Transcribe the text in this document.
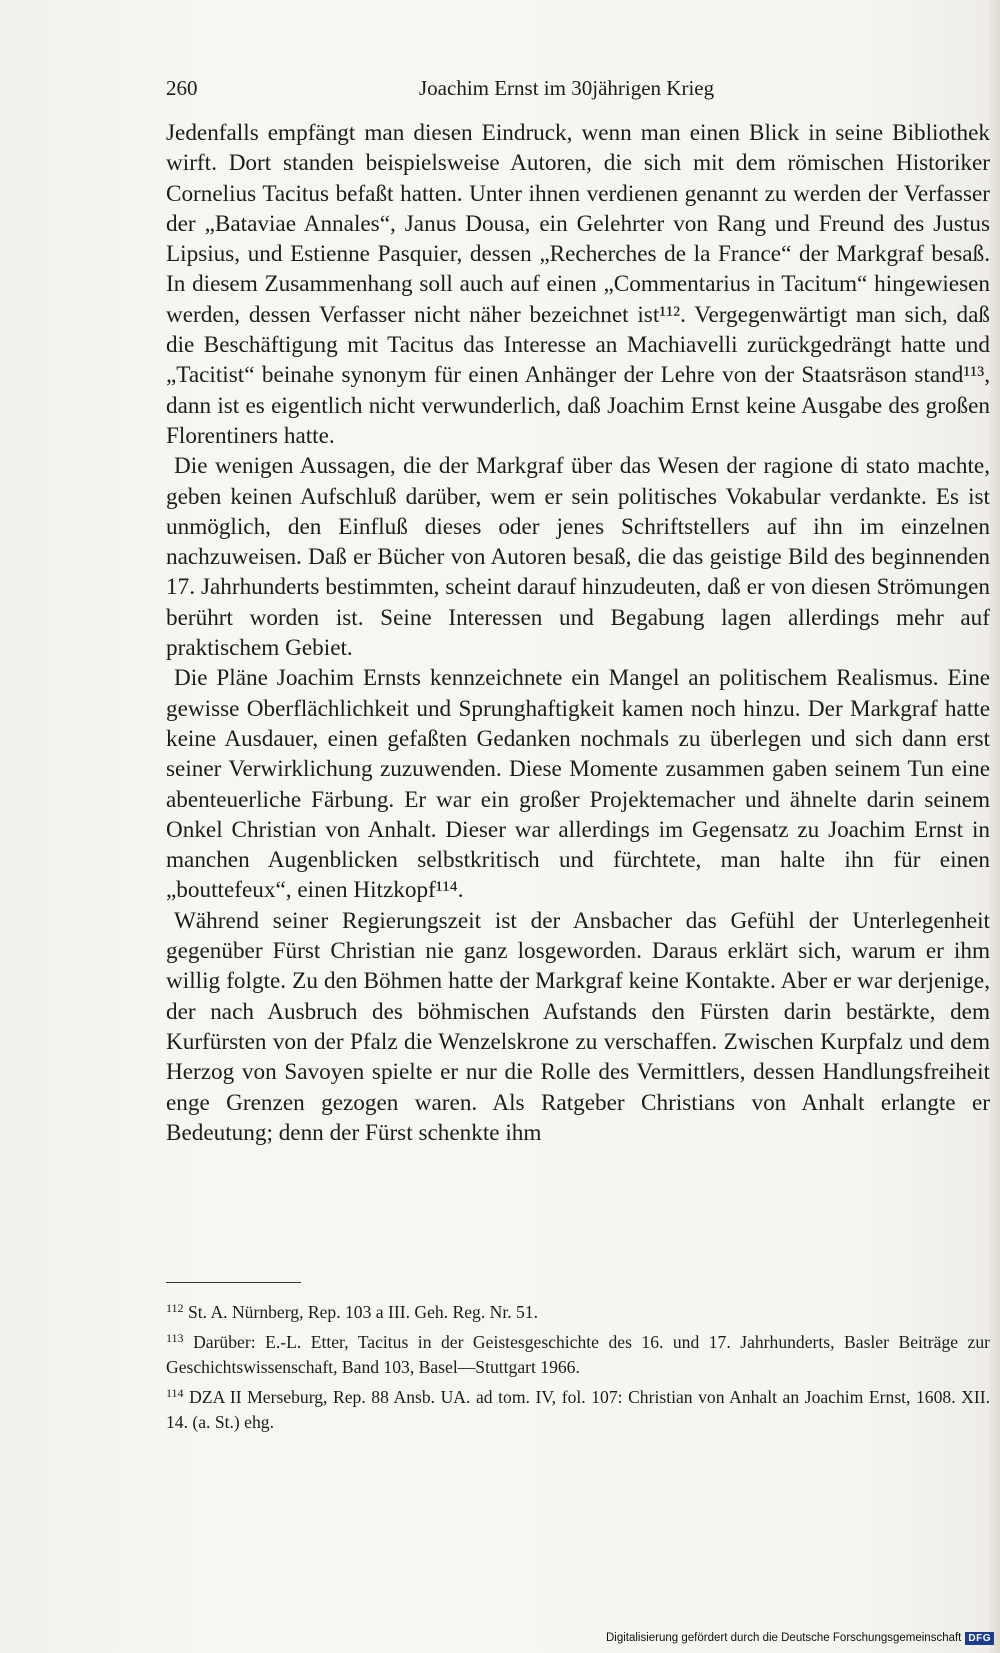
260	Joachim Ernst im 30jährigen Krieg

Jedenfalls empfängt man diesen Eindruck, wenn man einen Blick in seine Bibliothek wirft. Dort standen beispielsweise Autoren, die sich mit dem römischen Historiker Cornelius Tacitus befaßt hatten. Unter ihnen verdienen genannt zu werden der Verfasser der „Bataviae Annales“, Janus Dousa, ein Gelehrter von Rang und Freund des Justus Lipsius, und Estienne Pasquier, dessen „Recherches de la France“ der Markgraf besaß. In diesem Zusammenhang soll auch auf einen „Commentarius in Tacitum“ hingewiesen werden, dessen Verfasser nicht näher bezeichnet ist¹¹². Vergegenwärtigt man sich, daß die Beschäftigung mit Tacitus das Interesse an Machiavelli zurückgedrängt hatte und „Tacitist“ beinahe synonym für einen Anhänger der Lehre von der Staatsräson stand¹¹³, dann ist es eigentlich nicht verwunderlich, daß Joachim Ernst keine Ausgabe des großen Florentiners hatte.

Die wenigen Aussagen, die der Markgraf über das Wesen der ragione di stato machte, geben keinen Aufschluß darüber, wem er sein politisches Vokabular verdankte. Es ist unmöglich, den Einfluß dieses oder jenes Schriftstellers auf ihn im einzelnen nachzuweisen. Daß er Bücher von Autoren besaß, die das geistige Bild des beginnenden 17. Jahrhunderts bestimmten, scheint darauf hinzudeuten, daß er von diesen Strömungen berührt worden ist. Seine Interessen und Begabung lagen allerdings mehr auf praktischem Gebiet.

Die Pläne Joachim Ernsts kennzeichnete ein Mangel an politischem Realismus. Eine gewisse Oberflächlichkeit und Sprunghaftigkeit kamen noch hinzu. Der Markgraf hatte keine Ausdauer, einen gefaßten Gedanken nochmals zu überlegen und sich dann erst seiner Verwirklichung zuzuwenden. Diese Momente zusammen gaben seinem Tun eine abenteuerliche Färbung. Er war ein großer Projektemacher und ähnelte darin seinem Onkel Christian von Anhalt. Dieser war allerdings im Gegensatz zu Joachim Ernst in manchen Augenblicken selbstkritisch und fürchtete, man halte ihn für einen „bouttefeux“, einen Hitzkopf¹¹⁴.

Während seiner Regierungszeit ist der Ansbacher das Gefühl der Unterlegenheit gegenüber Fürst Christian nie ganz losgeworden. Daraus erklärt sich, warum er ihm willig folgte. Zu den Böhmen hatte der Markgraf keine Kontakte. Aber er war derjenige, der nach Ausbruch des böhmischen Aufstands den Fürsten darin bestärkte, dem Kurfürsten von der Pfalz die Wenzelskrone zu verschaffen. Zwischen Kurpfalz und dem Herzog von Savoyen spielte er nur die Rolle des Vermittlers, dessen Handlungsfreiheit enge Grenzen gezogen waren. Als Ratgeber Christians von Anhalt erlangte er Bedeutung; denn der Fürst schenkte ihm

$^{112}$ St. A. Nürnberg, Rep. 103 a III. Geh. Reg. Nr. 51.

$^{113}$ Darüber: E.-L. Etter, Tacitus in der Geistesgeschichte des 16. und 17. Jahrhunderts, Basler Beiträge zur Geschichtswissenschaft, Band 103, Basel—Stuttgart 1966.

$^{114}$ DZA II Merseburg, Rep. 88 Ansb. UA. ad tom. IV, fol. 107: Christian von Anhalt an Joachim Ernst, 1608. XII. 14. (a. St.) ehg.

Digitalisierung gefördert durch die Deutsche Forschungsgemeinschaft DFG
